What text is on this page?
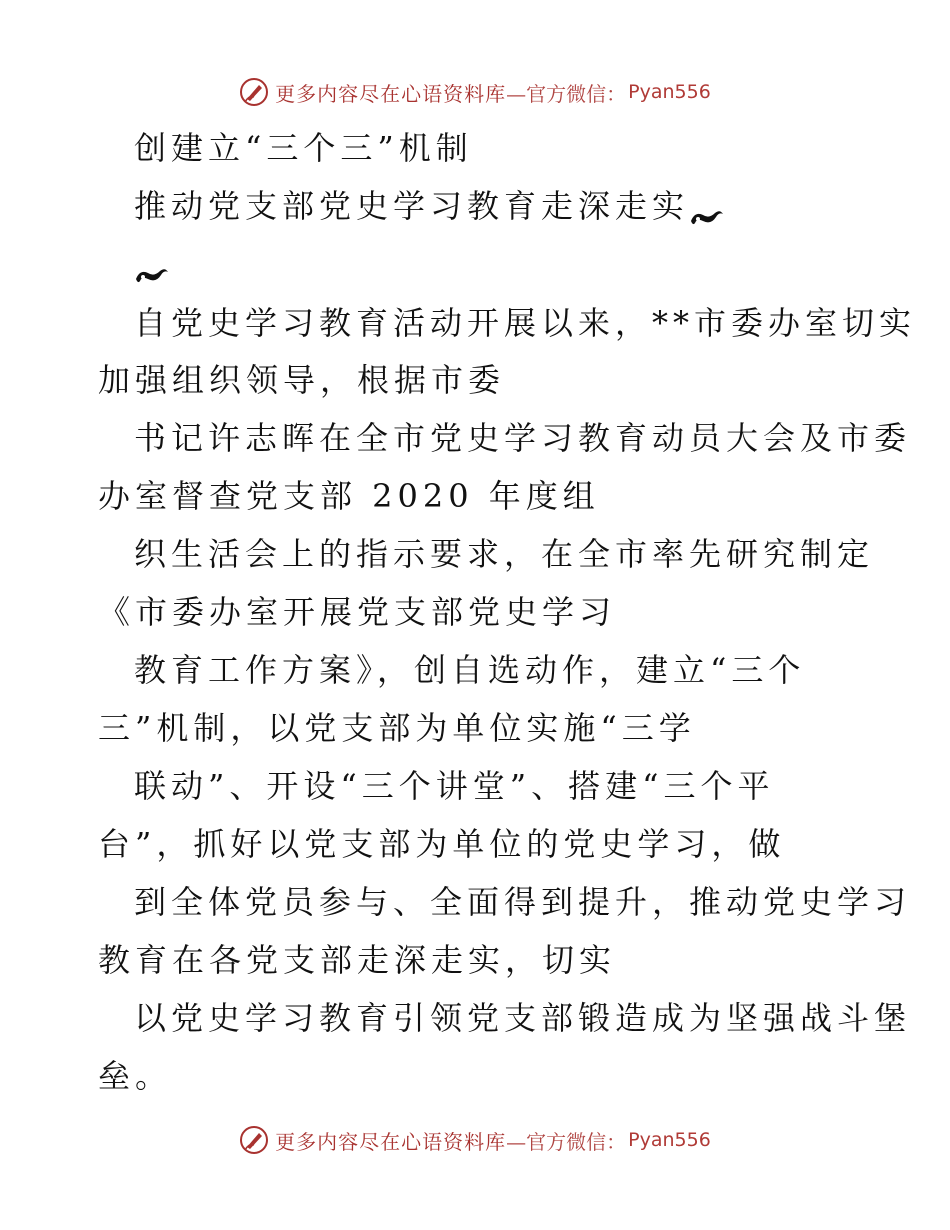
更多内容尽在心语资料库 —官方微信： Pyan556
创建立“三个三”机制
推动党支部党史学习教育走深走实
自党史学习教育活动开展以来，**市委办室切实
加强组织领导，根据市委
书记许志晖在全市党史学习教育动员大会及市委
办室督查党支部 2020 年度组
织生活会上的指示要求，在全市率先研究制定
《市委办室开展党支部党史学习
教育工作方案》，创自选动作，建立“三个
三”机制，以党支部为单位实施“三学
联动”、开设“三个讲堂”、搭建“三个平
台”，抓好以党支部为单位的党史学习，做
到全体党员参与、全面得到提升，推动党史学习
教育在各党支部走深走实，切实
以党史学习教育引领党支部锻造成为坚强战斗堡
垒。
更多内容尽在心语资料库 —官方微信： Pyan556
